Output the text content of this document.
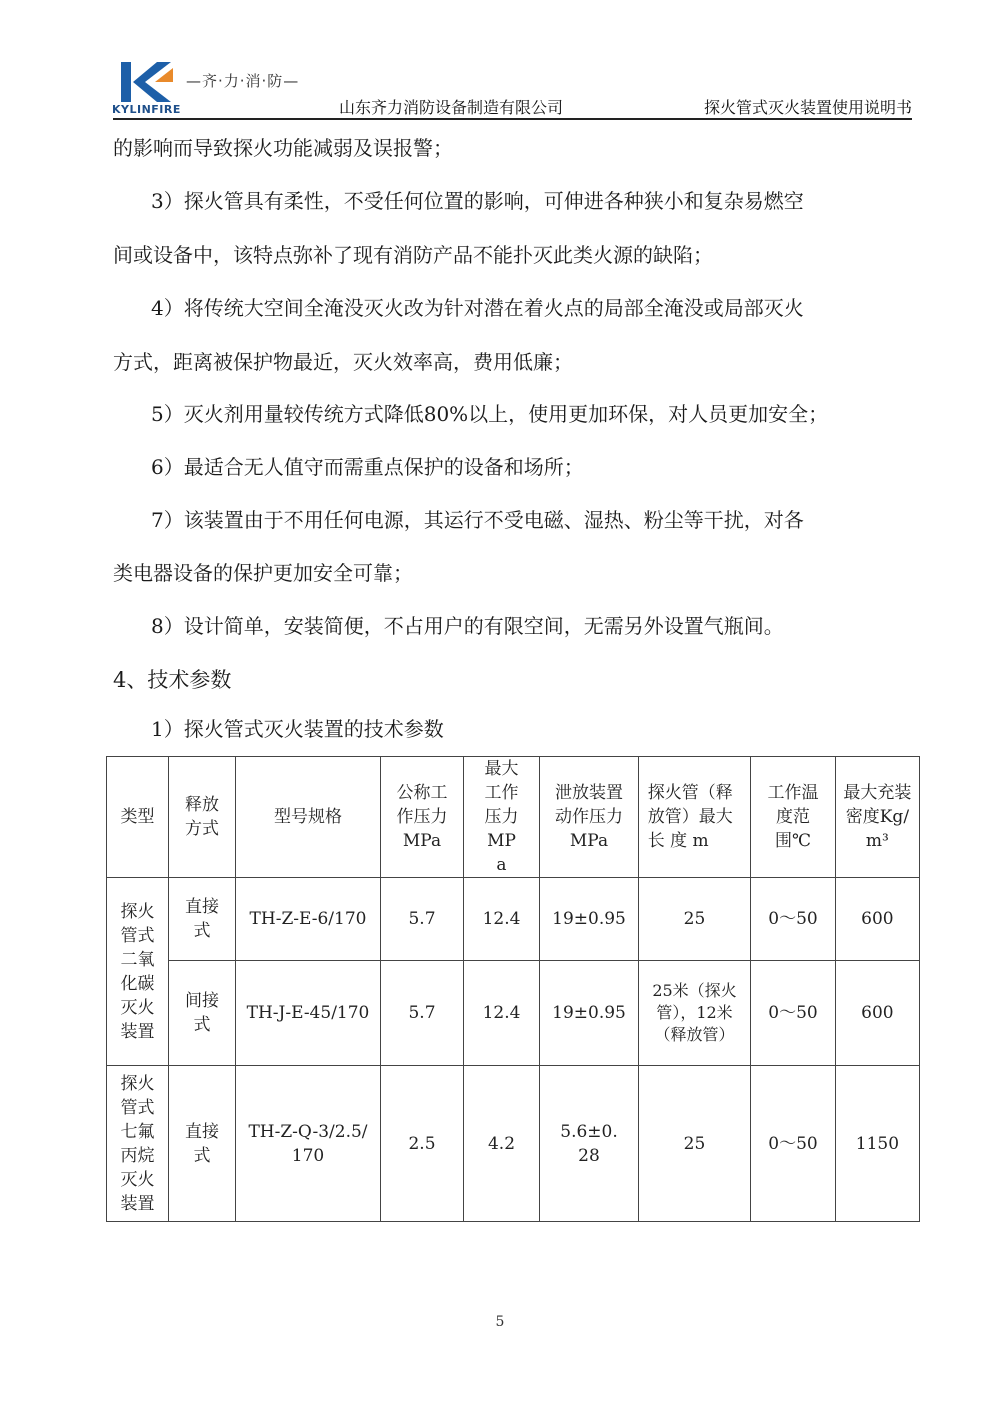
KYLINFIRE
—齐·力·消·防—
山东齐力消防设备制造有限公司	探火管式灭火装置使用说明书
的影响而导致探火功能减弱及误报警；
3）探火管具有柔性，不受任何位置的影响，可伸进各种狭小和复杂易燃空
间或设备中，该特点弥补了现有消防产品不能扑灭此类火源的缺陷；
4）将传统大空间全淹没灭火改为针对潜在着火点的局部全淹没或局部灭火
方式，距离被保护物最近，灭火效率高，费用低廉；
5）灭火剂用量较传统方式降低80%以上，使用更加环保，对人员更加安全；
6）最适合无人值守而需重点保护的设备和场所；
7）该装置由于不用任何电源，其运行不受电磁、湿热、粉尘等干扰，对各
类电器设备的保护更加安全可靠；
8）设计简单，安装简便，不占用户的有限空间，无需另外设置气瓶间。
4、技术参数
1）探火管式灭火装置的技术参数
类型	释放方式	型号规格	公称工作压力MPa	最大工作压力MPa	泄放装置动作压力MPa	探火管（释放管）最大长 度 m	工作温度范围℃	最大充装密度Kg/m³

探火管式二氧化碳灭火装置	直接式	TH-Z-E-6/170	5.7	12.4	19±0.95	25	0～50	600

	间接式	TH-J-E-45/170	5.7	12.4	19±0.95	25米（探火管），12米（释放管）	0～50	600

探火管式七氟丙烷灭火装置	直接式	TH-Z-Q-3/2.5/170	2.5	4.2	5.6±0.28	25	0～50	1150
5
